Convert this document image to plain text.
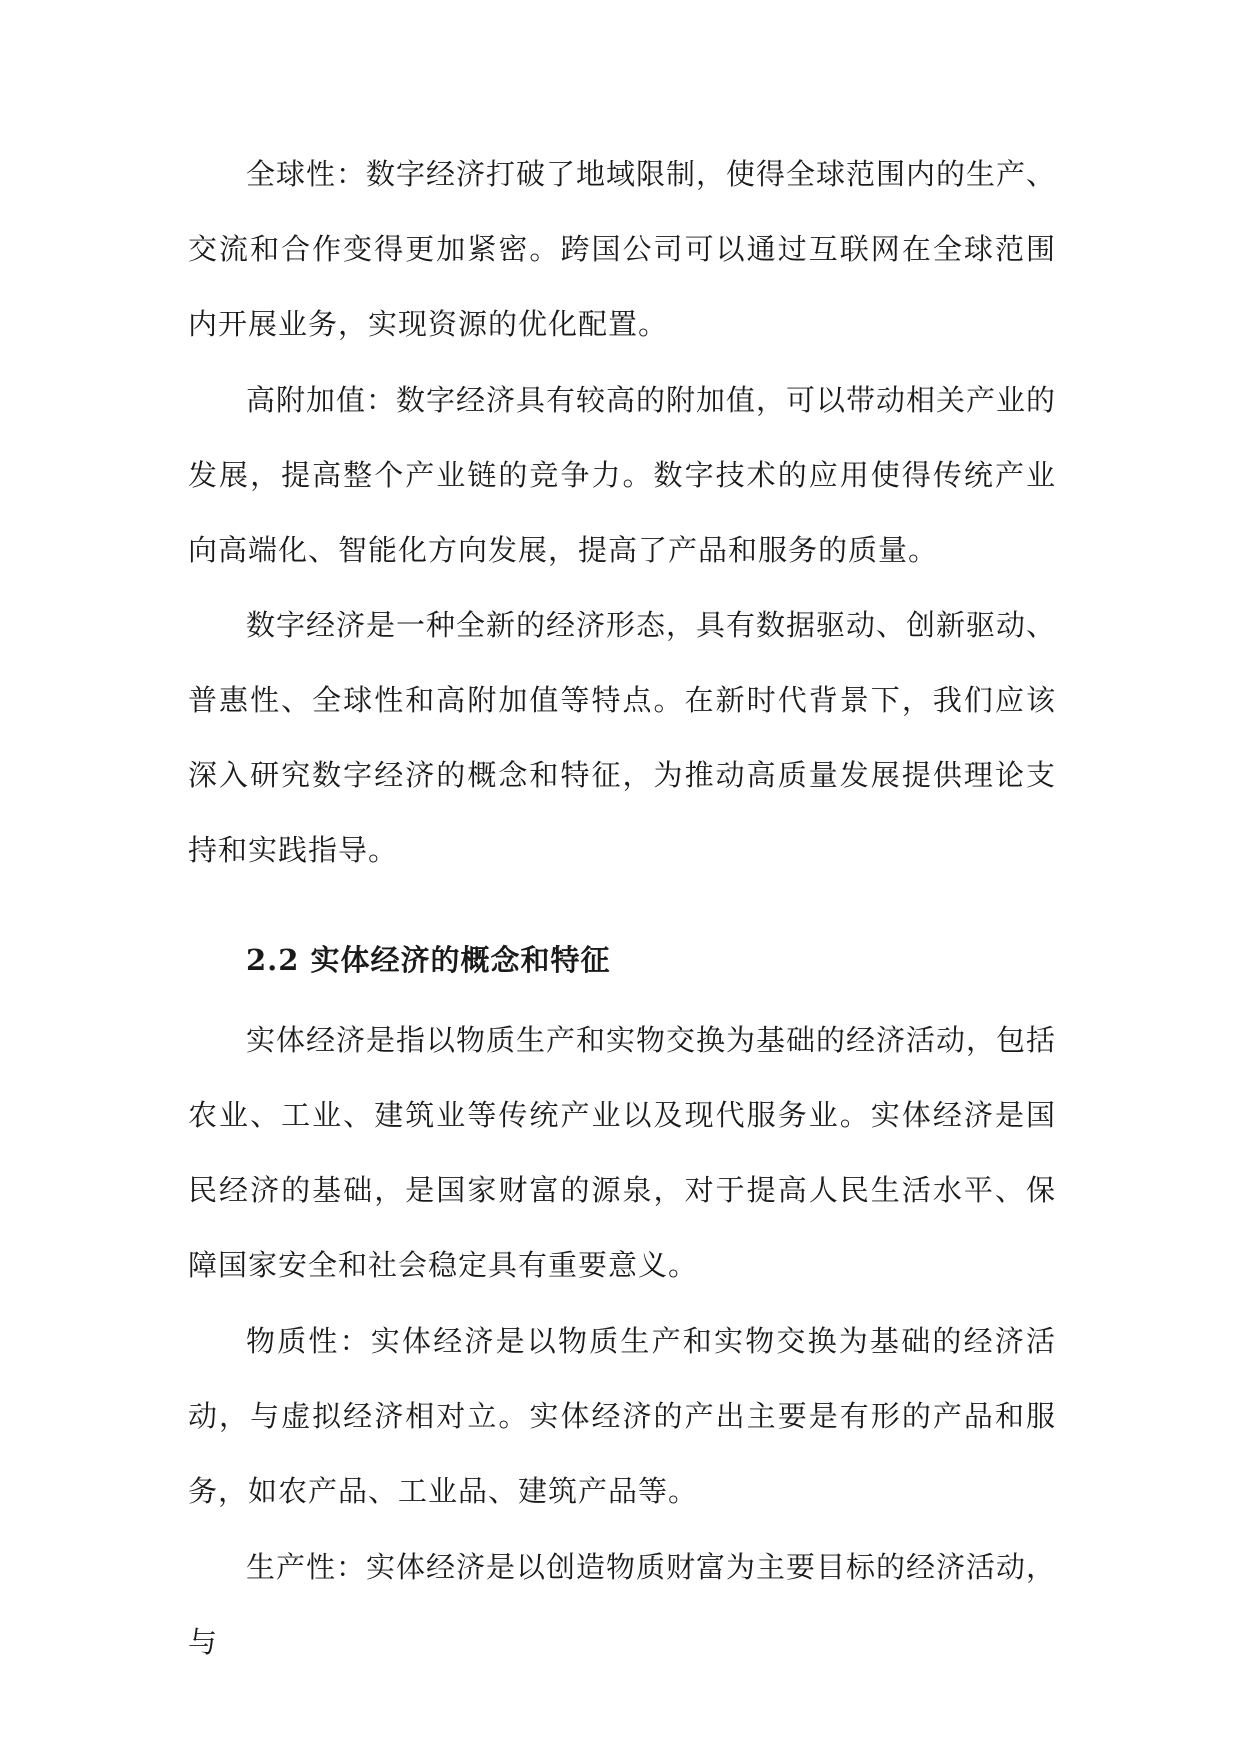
全球性：数字经济打破了地域限制，使得全球范围内的生产、交流和合作变得更加紧密。跨国公司可以通过互联网在全球范围内开展业务，实现资源的优化配置。

高附加值：数字经济具有较高的附加值，可以带动相关产业的发展，提高整个产业链的竞争力。数字技术的应用使得传统产业向高端化、智能化方向发展，提高了产品和服务的质量。

数字经济是一种全新的经济形态，具有数据驱动、创新驱动、普惠性、全球性和高附加值等特点。在新时代背景下，我们应该深入研究数字经济的概念和特征，为推动高质量发展提供理论支持和实践指导。

2.2 实体经济的概念和特征

实体经济是指以物质生产和实物交换为基础的经济活动，包括农业、工业、建筑业等传统产业以及现代服务业。实体经济是国民经济的基础，是国家财富的源泉，对于提高人民生活水平、保障国家安全和社会稳定具有重要意义。

物质性：实体经济是以物质生产和实物交换为基础的经济活动，与虚拟经济相对立。实体经济的产出主要是有形的产品和服务，如农产品、工业品、建筑产品等。

生产性：实体经济是以创造物质财富为主要目标的经济活动，与
